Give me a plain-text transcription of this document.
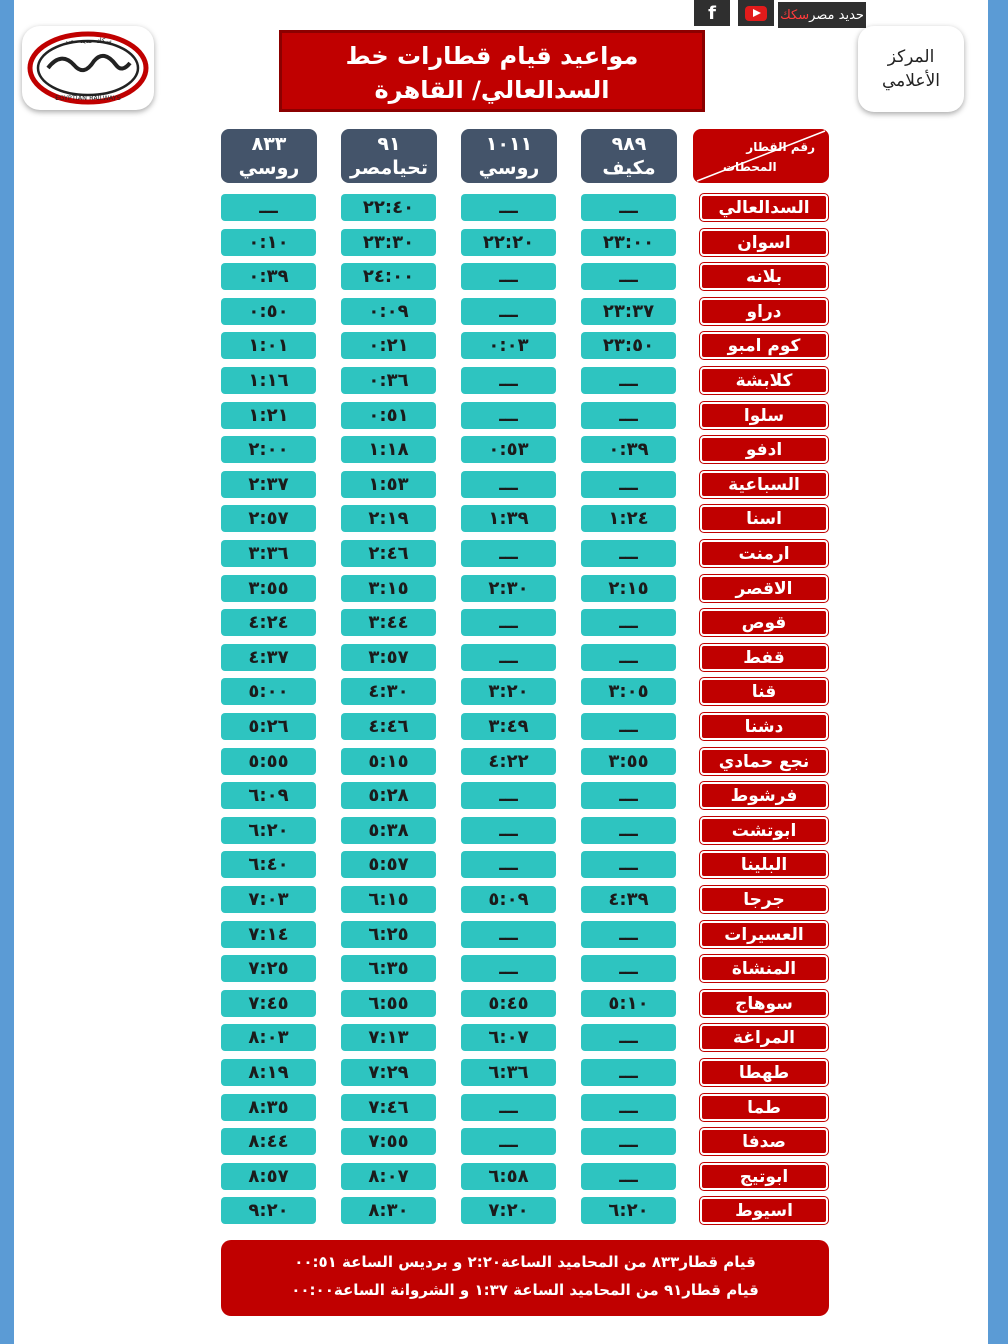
f	سكك حديد مصر
سكك حديد مصر
EGYPTIAN RAILWAYS
مواعيد قيام قطارات خط
السدالعالي/ القاهرة
المركز
الأعلامي
٩٨٩
مكيف
١٠١١
روسي
٩١
تحيامصر
٨٣٣
روسي
رقم القطار
المحطات
السدالعالي
ـــ
ـــ
٢٢:٤٠
ـــ
اسوان
٢٣:٠٠
٢٢:٢٠
٢٣:٣٠
٠:١٠
بلانه
ـــ
ـــ
٢٤:٠٠
٠:٣٩
دراو
٢٣:٣٧
ـــ
٠:٠٩
٠:٥٠
كوم امبو
٢٣:٥٠
٠:٠٣
٠:٢١
١:٠١
كلابشة
ـــ
ـــ
٠:٣٦
١:١٦
سلوا
ـــ
ـــ
٠:٥١
١:٢١
ادفو
٠:٣٩
٠:٥٣
١:١٨
٢:٠٠
السباعية
ـــ
ـــ
١:٥٣
٢:٣٧
اسنا
١:٢٤
١:٣٩
٢:١٩
٢:٥٧
ارمنت
ـــ
ـــ
٢:٤٦
٣:٣٦
الاقصر
٢:١٥
٢:٣٠
٣:١٥
٣:٥٥
قوص
ـــ
ـــ
٣:٤٤
٤:٢٤
قفط
ـــ
ـــ
٣:٥٧
٤:٣٧
قنا
٣:٠٥
٣:٢٠
٤:٣٠
٥:٠٠
دشنا
ـــ
٣:٤٩
٤:٤٦
٥:٢٦
نجع حمادي
٣:٥٥
٤:٢٢
٥:١٥
٥:٥٥
فرشوط
ـــ
ـــ
٥:٢٨
٦:٠٩
ابوتشت
ـــ
ـــ
٥:٣٨
٦:٢٠
البلينا
ـــ
ـــ
٥:٥٧
٦:٤٠
جرجا
٤:٣٩
٥:٠٩
٦:١٥
٧:٠٣
العسيرات
ـــ
ـــ
٦:٢٥
٧:١٤
المنشاة
ـــ
ـــ
٦:٣٥
٧:٢٥
سوهاج
٥:١٠
٥:٤٥
٦:٥٥
٧:٤٥
المراغة
ـــ
٦:٠٧
٧:١٣
٨:٠٣
طهطا
ـــ
٦:٣٦
٧:٢٩
٨:١٩
طما
ـــ
ـــ
٧:٤٦
٨:٣٥
صدفا
ـــ
ـــ
٧:٥٥
٨:٤٤
ابوتيج
ـــ
٦:٥٨
٨:٠٧
٨:٥٧
اسيوط
٦:٢٠
٧:٢٠
٨:٣٠
٩:٢٠
قيام قطار٨٣٣ من المحاميد الساعة٢:٢٠ و برديس الساعة ٠٠:٥١
قيام قطار٩١ من المحاميد الساعة ١:٣٧ و الشروانة الساعة٠٠:٠٠
